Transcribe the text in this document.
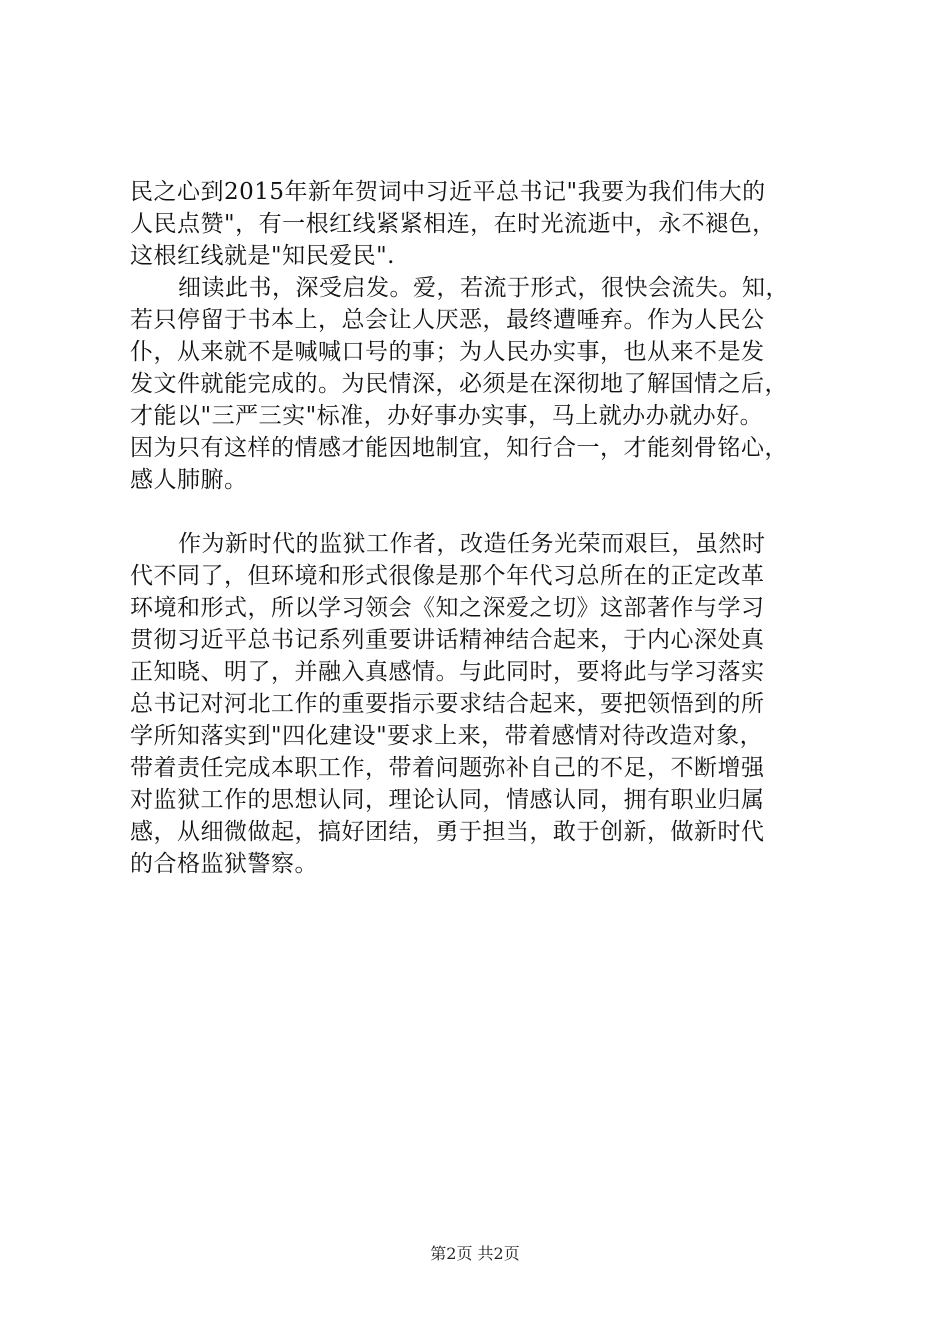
民之心到2015年新年贺词中习近平总书记"我要为我们伟大的
人民点赞"，有一根红线紧紧相连，在时光流逝中，永不褪色，
这根红线就是"知民爱民".
细读此书，深受启发。爱，若流于形式，很快会流失。知，
若只停留于书本上，总会让人厌恶，最终遭唾弃。作为人民公
仆，从来就不是喊喊口号的事；为人民办实事，也从来不是发
发文件就能完成的。为民情深，必须是在深彻地了解国情之后，
才能以"三严三实"标准，办好事办实事，马上就办办就办好。
因为只有这样的情感才能因地制宜，知行合一，才能刻骨铭心，
感人肺腑。
作为新时代的监狱工作者，改造任务光荣而艰巨，虽然时
代不同了，但环境和形式很像是那个年代习总所在的正定改革
环境和形式，所以学习领会《知之深爱之切》这部著作与学习
贯彻习近平总书记系列重要讲话精神结合起来，于内心深处真
正知晓、明了，并融入真感情。与此同时，要将此与学习落实
总书记对河北工作的重要指示要求结合起来，要把领悟到的所
学所知落实到"四化建设"要求上来，带着感情对待改造对象，
带着责任完成本职工作，带着问题弥补自己的不足，不断增强
对监狱工作的思想认同，理论认同，情感认同，拥有职业归属
感，从细微做起，搞好团结，勇于担当，敢于创新，做新时代
的合格监狱警察。
第2页 共2页
